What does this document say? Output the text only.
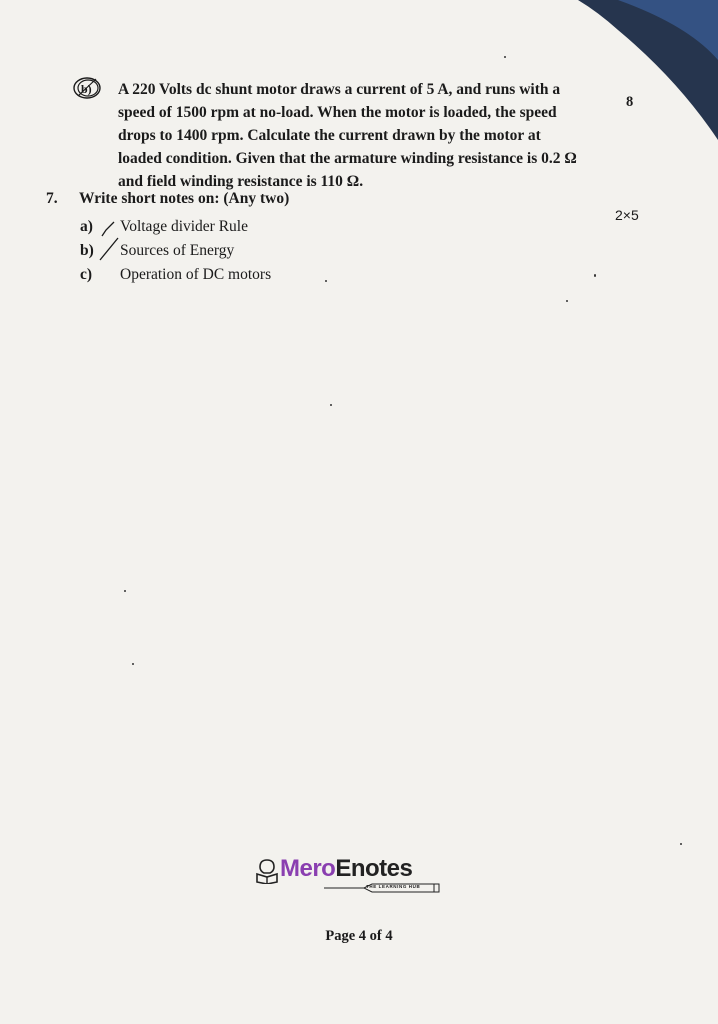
b) A 220 Volts dc shunt motor draws a current of 5 A, and runs with a
speed of 1500 rpm at no-load. When the motor is loaded, the speed
drops to 1400 rpm. Calculate the current drawn by the motor at
loaded condition. Given that the armature winding resistance is 0.2 Ω
and field winding resistance is 110 Ω.
8
7. Write short notes on: (Any two)
2×5
a) Voltage divider Rule
b) Sources of Energy
c) Operation of DC motors
MeroEnotes
THE LEARNING HUB
Page 4 of 4
